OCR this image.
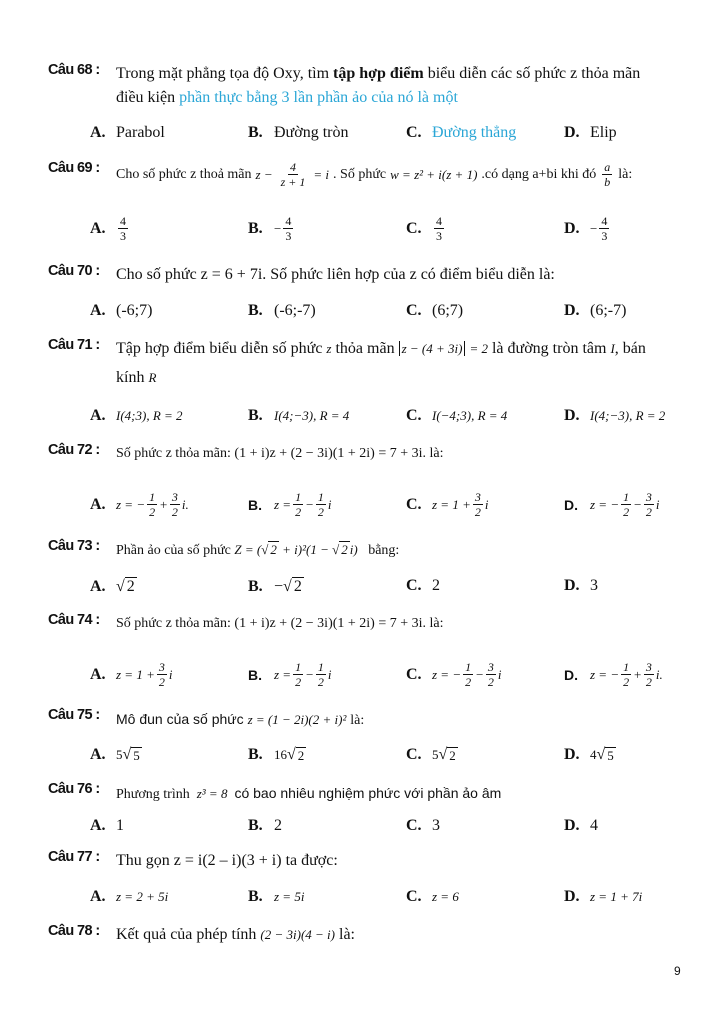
Câu 68 : Trong mặt phẳng tọa độ Oxy, tìm tập hợp điểm biểu diễn các số phức z thỏa mãn
điều kiện phần thực bằng 3 lần phần ảo của nó là một
A. Parabol	B. Đường tròn	C. Đường thẳng	D. Elip
Câu 69 : Cho số phức z thoả mãn $z - \frac{4}{z + 1} = i$ . Số phức w = z² + i(z + 1) .có dạng a+bi khi đó $\frac{a}{b}$ là:
A.	$\frac{4}{3}$	B. − $\frac{4}{3}$	C.	$\frac{4}{3}$	D. − $\frac{4}{3}$
Câu 70 : Cho số phức z = 6 + 7i. Số phức liên hợp của z có điểm biểu diễn là:
A. (-6;7)	B. (-6;-7)	C. (6;7)	D. (6;-7)
Câu 71 : Tập hợp điểm biểu diễn số phức z thỏa mãn z − (4 + 3i) = 2 là đường tròn tâm I, bán
kính R
A. I(4;3), R = 2	B. I(4;−3), R = 4	C. I(−4;3), R = 4	D. I(4;−3), R = 2
Câu 72 : Số phức z thỏa mãn: (1 + i)z + (2 − 3i)(1 + 2i) = 7 + 3i. là:
A. z = − $\frac{1}{2} + \frac{3}{2} i$.	B. $z = \frac{1}{2} - \frac{1}{2}$ i	C. $z = 1 + \frac{3}{2}$ i	D. z = − $\frac{1}{2} - \frac{3}{2}$ i
Câu 73 : Phần ảo của số phức Z = (√ 2 + i)²(1 − √ 2 i) bằng:
A. √ 2	B. − √ 2	C. 2	D. 3
Câu 74 : Số phức z thỏa mãn: (1 + i)z + (2 − 3i)(1 + 2i) = 7 + 3i. là:
A. $z = 1 + \frac{3}{2}$ i	B. $z = \frac{1}{2} - \frac{1}{2}$ i	C. z = − $\frac{1}{2} - \frac{3}{2}$ i	D. z = − $\frac{1}{2} + \frac{3}{2} i$.
Câu 75 : Mô đun của số phức z = (1 − 2i)(2 + i)² là:
A. 5 √ 5	B. 16 √ 2	C. 5 √ 2	D. 4 √ 5
Câu 76 : Phương trình z³ = 8 có bao nhiêu nghiệm phức với phần ảo âm
A. 1	B. 2	C. 3	D. 4
Câu 77 : Thu gọn z = i(2 – i)(3 + i) ta được:
A. z = 2 + 5i	B. z = 5i	C. z = 6	D. z = 1 + 7i
Câu 78 : Kết quả của phép tính (2 − 3i)(4 − i) là:
9
